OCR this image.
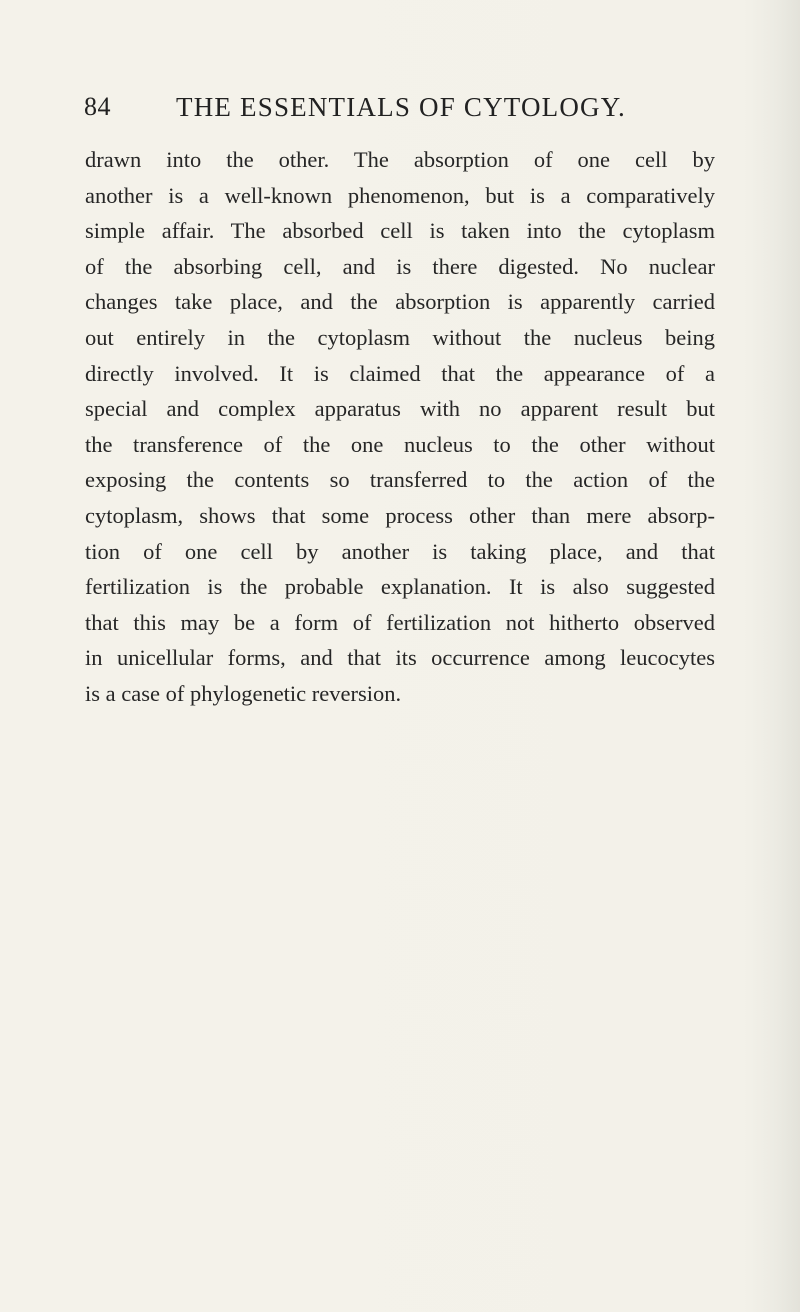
84 THE ESSENTIALS OF CYTOLOGY.
drawn into the other. The absorption of one cell by
another is a well-known phenomenon, but is a comparatively
simple affair. The absorbed cell is taken into the cytoplasm
of the absorbing cell, and is there digested. No nuclear
changes take place, and the absorption is apparently carried
out entirely in the cytoplasm without the nucleus being
directly involved. It is claimed that the appearance of a
special and complex apparatus with no apparent result but
the transference of the one nucleus to the other without
exposing the contents so transferred to the action of the
cytoplasm, shows that some process other than mere absorp-
tion of one cell by another is taking place, and that
fertilization is the probable explanation. It is also suggested
that this may be a form of fertilization not hitherto observed
in unicellular forms, and that its occurrence among leucocytes
is a case of phylogenetic reversion.
